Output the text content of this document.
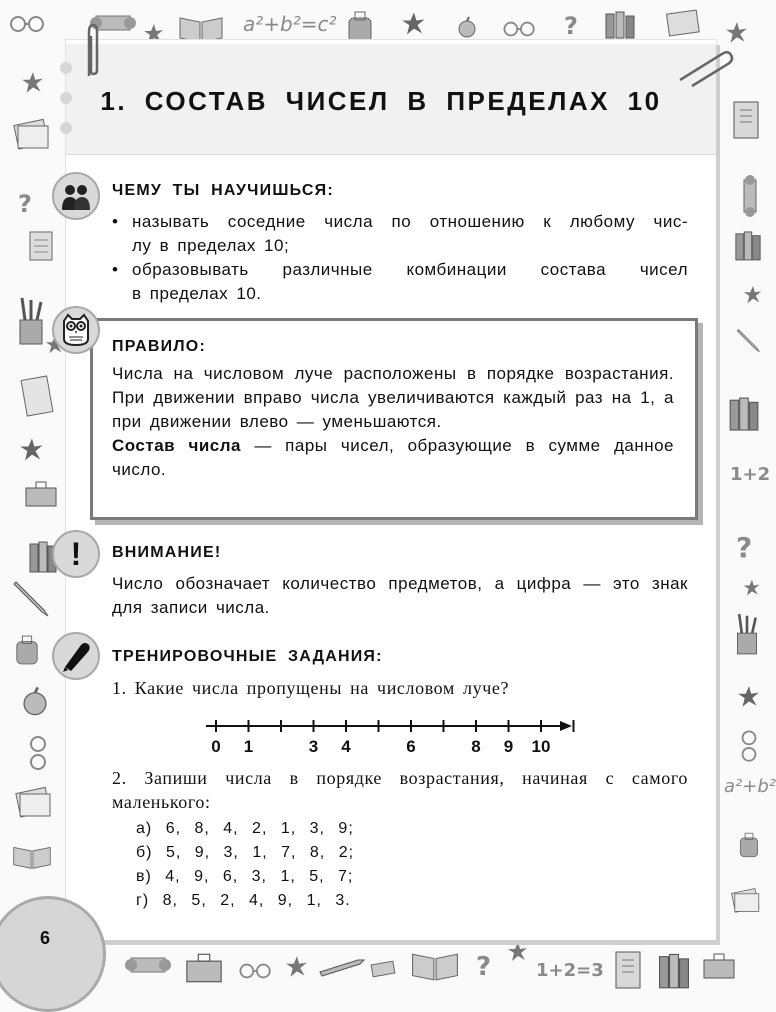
a²+b²=c²	?
?
1+2
?
a²+b²
? 1+2=3
1. СОСТАВ ЧИСЕЛ В ПРЕДЕЛАХ 10
ЧЕМУ ТЫ НАУЧИШЬСЯ:
• называть соседние числа по отношению к любому чис-
лу в пределах 10;
• образовывать различные комбинации состава чисел
в пределах 10.
ПРАВИЛО:

Числа на числовом луче расположены в порядке возрастания. При движении вправо числа увеличиваются каждый раз на 1, а при движении влево — уменьшаются.

Состав числа — пары чисел, образующие в сумме данное число.

! ВНИМАНИЕ!
Число обозначает количество предметов, а цифра — это знак для записи числа.
ТРЕНИРОВОЧНЫЕ ЗАДАНИЯ:
1. Какие числа пропущены на числовом луче?
0 1	3 4	6	8 9 10
2. Запиши числа в порядке возрастания, начиная с самого маленького:
а) 6, 8, 4, 2, 1, 3, 9;
б) 5, 9, 3, 1, 7, 8, 2;
в) 4, 9, 6, 3, 1, 5, 7;
г) 8, 5, 2, 4, 9, 1, 3.
6
